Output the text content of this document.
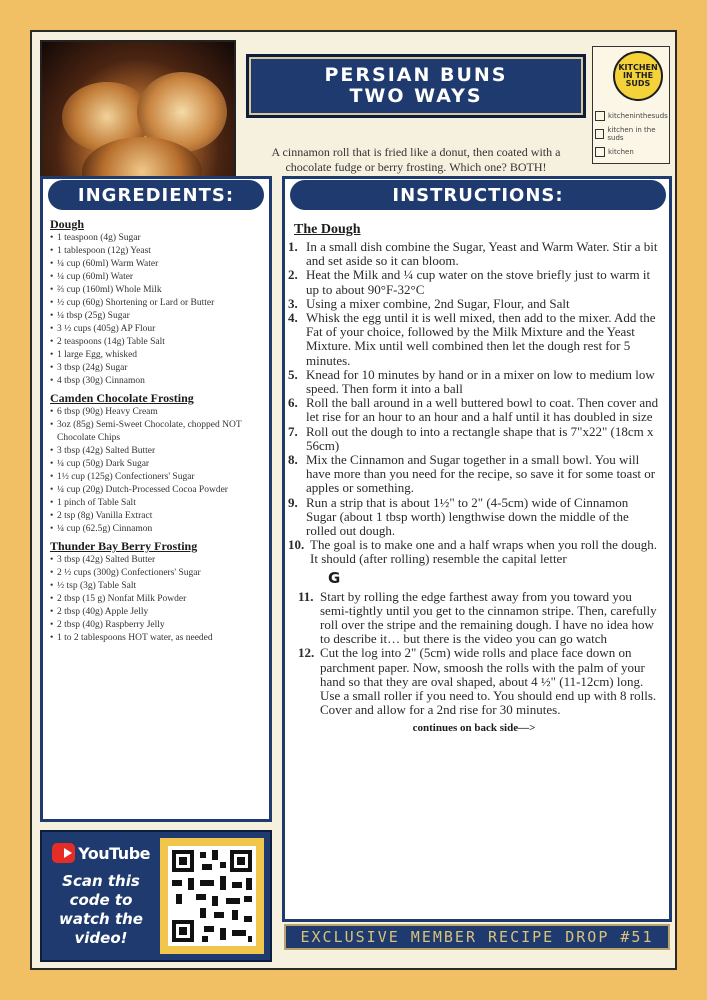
PERSIAN BUNS
TWO WAYS
A cinnamon roll that is fried like a donut, then coated with a chocolate fudge or berry frosting. Which one? BOTH!
KITCHEN IN THE SUDS
kitcheninthesuds
kitchen in the suds
kitchen
INGREDIENTS:
YouTube
Scan this code to watch the video!
INSTRUCTIONS:
EXCLUSIVE MEMBER RECIPE DROP #51
Dough
• 1 teaspoon (4g) Sugar
• 1 tablespoon (12g) Yeast
• ¼ cup (60ml) Warm Water
• ¼ cup (60ml) Water
• ⅔ cup (160ml) Whole Milk
• ½ cup (60g) Shortening or Lard or Butter
• ¼ tbsp (25g) Sugar
• 3 ½ cups (405g) AP Flour
• 2 teaspoons (14g) Table Salt
• 1 large Egg, whisked
• 3 tbsp (24g) Sugar
• 4 tbsp (30g) Cinnamon
Camden Chocolate Frosting
• 6 tbsp (90g) Heavy Cream
• 3oz (85g) Semi-Sweet Chocolate, chopped NOT Chocolate Chips
• 3 tbsp (42g) Salted Butter
• ¼ cup (50g) Dark Sugar
• 1½ cup (125g) Confectioners' Sugar
• ¼ cup (20g) Dutch-Processed Cocoa Powder
• 1 pinch of Table Salt
• 2 tsp (8g) Vanilla Extract
• ¼ cup (62.5g) Cinnamon
Thunder Bay Berry Frosting
• 3 tbsp (42g) Salted Butter
• 2 ½ cups (300g) Confectioners' Sugar
• ½ tsp (3g) Table Salt
• 2 tbsp (15 g) Nonfat Milk Powder
• 2 tbsp (40g) Apple Jelly
• 2 tbsp (40g) Raspberry Jelly
• 1 to 2 tablespoons HOT water, as needed
The Dough
1. In a small dish combine the Sugar, Yeast and Warm Water. Stir a bit and set aside so it can bloom.
2. Heat the Milk and ¼ cup water on the stove briefly just to warm it up to about 90°F-32°C
3. Using a mixer combine, 2nd Sugar, Flour, and Salt
4. Whisk the egg until it is well mixed, then add to the mixer. Add the Fat of your choice, followed by the Milk Mixture and the Yeast Mixture. Mix until well combined then let the dough rest for 5 minutes.
5. Knead for 10 minutes by hand or in a mixer on low to medium low speed. Then form it into a ball
6. Roll the ball around in a well buttered bowl to coat. Then cover and let rise for an hour to an hour and a half until it has doubled in size
7. Roll out the dough to into a rectangle shape that is 7"x22" (18cm x 56cm)
8. Mix the Cinnamon and Sugar together in a small bowl. You will have more than you need for the recipe, so save it for some toast or apples or something.
9. Run a strip that is about 1½" to 2" (4-5cm) wide of Cinnamon Sugar (about 1 tbsp worth) lengthwise down the middle of the rolled out dough.
10. The goal is to make one and a half wraps when you roll the dough. It should (after rolling) resemble the capital letter
G
11. Start by rolling the edge farthest away from you toward you semi-tightly until you get to the cinnamon stripe. Then, carefully roll over the stripe and the remaining dough. I have no idea how to describe it… but there is the video you can go watch
12. Cut the log into 2" (5cm) wide rolls and place face down on parchment paper. Now, smoosh the rolls with the palm of your hand so that they are oval shaped, about 4 ½" (11-12cm) long. Use a small roller if you need to. You should end up with 8 rolls. Cover and allow for a 2nd rise for 30 minutes.
continues on back side—>
